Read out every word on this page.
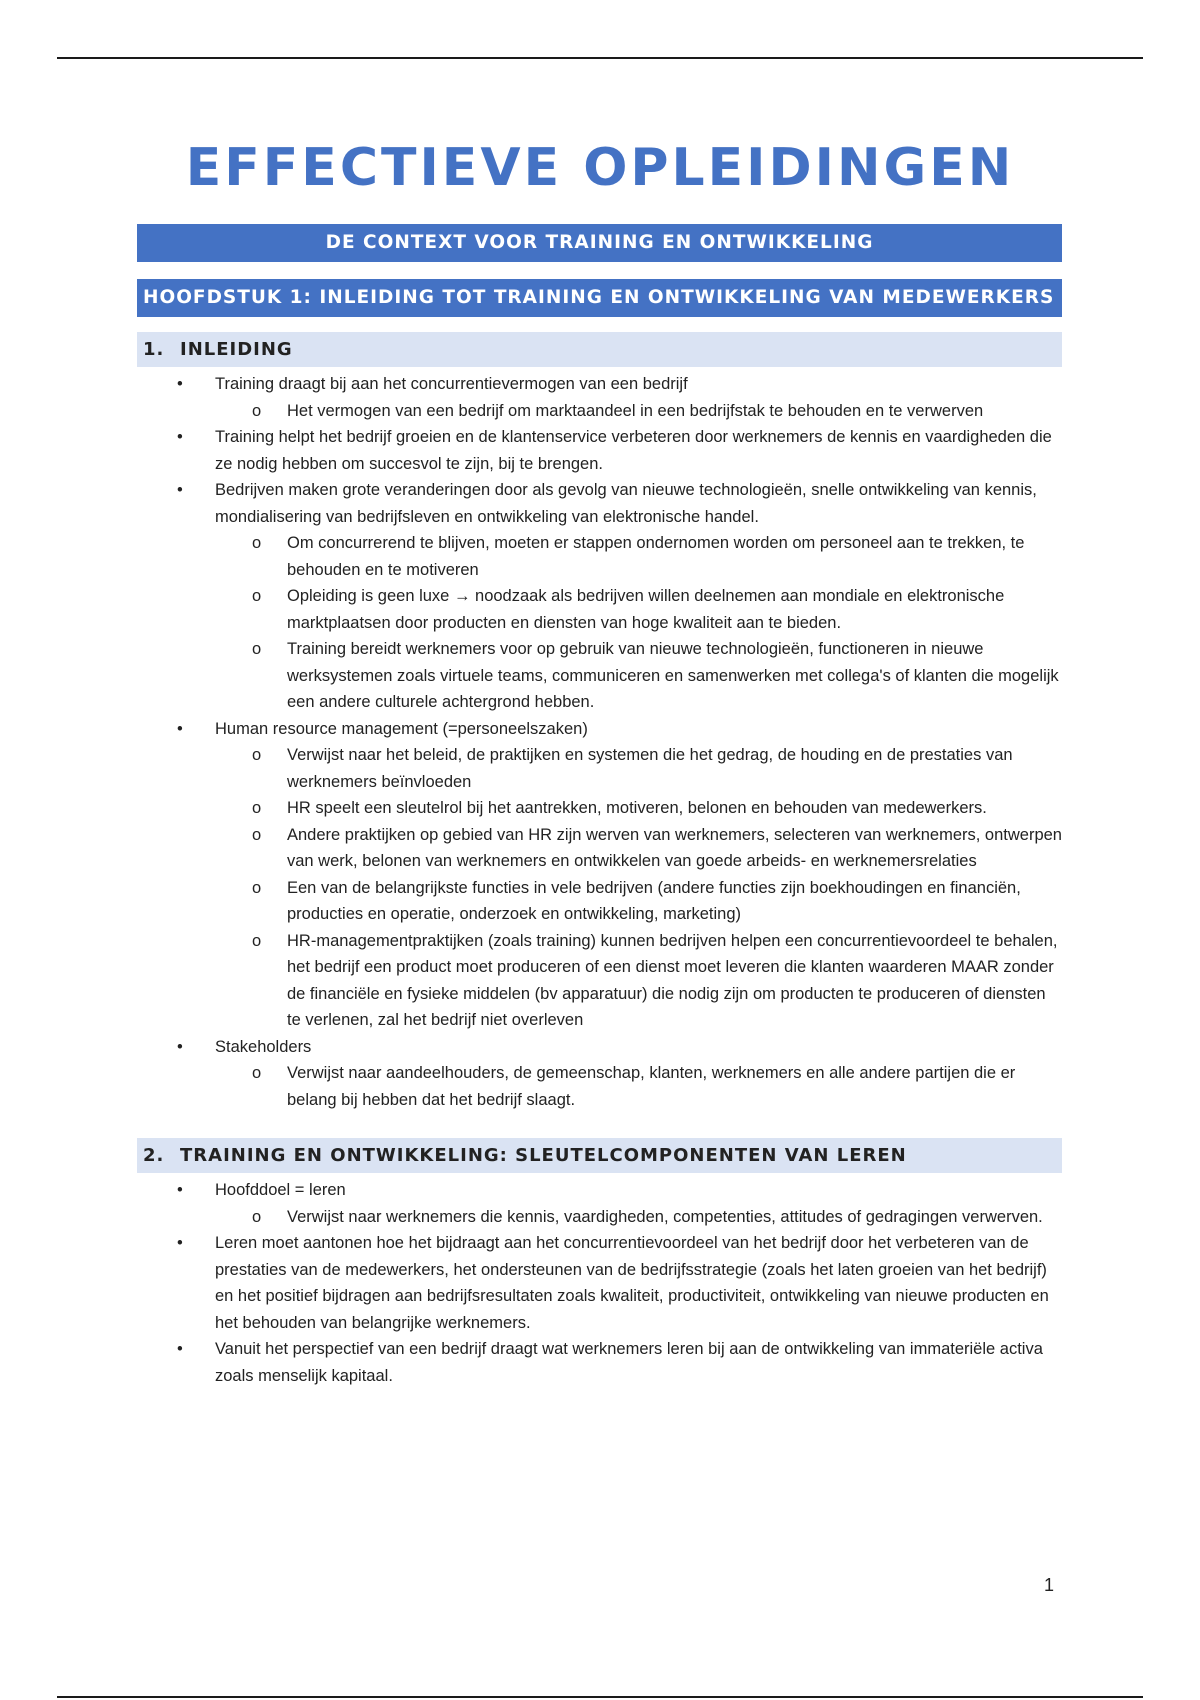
EFFECTIEVE OPLEIDINGEN
DE CONTEXT VOOR TRAINING EN ONTWIKKELING
HOOFDSTUK 1: INLEIDING TOT TRAINING EN ONTWIKKELING VAN MEDEWERKERS
1. INLEIDING
• Training draagt bij aan het concurrentievermogen van een bedrijf
o Het vermogen van een bedrijf om marktaandeel in een bedrijfstak te behouden en te verwerven
• Training helpt het bedrijf groeien en de klantenservice verbeteren door werknemers de kennis en vaardigheden die ze nodig hebben om succesvol te zijn, bij te brengen.
• Bedrijven maken grote veranderingen door als gevolg van nieuwe technologieën, snelle ontwikkeling van kennis, mondialisering van bedrijfsleven en ontwikkeling van elektronische handel.
o Om concurrerend te blijven, moeten er stappen ondernomen worden om personeel aan te trekken, te behouden en te motiveren
o Opleiding is geen luxe → noodzaak als bedrijven willen deelnemen aan mondiale en elektronische marktplaatsen door producten en diensten van hoge kwaliteit aan te bieden.
o Training bereidt werknemers voor op gebruik van nieuwe technologieën, functioneren in nieuwe werksystemen zoals virtuele teams, communiceren en samenwerken met collega's of klanten die mogelijk een andere culturele achtergrond hebben.
• Human resource management (=personeelszaken)
o Verwijst naar het beleid, de praktijken en systemen die het gedrag, de houding en de prestaties van werknemers beïnvloeden
o HR speelt een sleutelrol bij het aantrekken, motiveren, belonen en behouden van medewerkers.
o Andere praktijken op gebied van HR zijn werven van werknemers, selecteren van werknemers, ontwerpen van werk, belonen van werknemers en ontwikkelen van goede arbeids- en werknemersrelaties
o Een van de belangrijkste functies in vele bedrijven (andere functies zijn boekhoudingen en financiën, producties en operatie, onderzoek en ontwikkeling, marketing)
o HR-managementpraktijken (zoals training) kunnen bedrijven helpen een concurrentievoordeel te behalen, het bedrijf een product moet produceren of een dienst moet leveren die klanten waarderen MAAR zonder de financiële en fysieke middelen (bv apparatuur) die nodig zijn om producten te produceren of diensten te verlenen, zal het bedrijf niet overleven
• Stakeholders
o Verwijst naar aandeelhouders, de gemeenschap, klanten, werknemers en alle andere partijen die er belang bij hebben dat het bedrijf slaagt.
2. TRAINING EN ONTWIKKELING: SLEUTELCOMPONENTEN VAN LEREN
• Hoofddoel = leren
o Verwijst naar werknemers die kennis, vaardigheden, competenties, attitudes of gedragingen verwerven.
• Leren moet aantonen hoe het bijdraagt aan het concurrentievoordeel van het bedrijf door het verbeteren van de prestaties van de medewerkers, het ondersteunen van de bedrijfsstrategie (zoals het laten groeien van het bedrijf) en het positief bijdragen aan bedrijfsresultaten zoals kwaliteit, productiviteit, ontwikkeling van nieuwe producten en het behouden van belangrijke werknemers.
• Vanuit het perspectief van een bedrijf draagt wat werknemers leren bij aan de ontwikkeling van immateriële activa zoals menselijk kapitaal.
1
